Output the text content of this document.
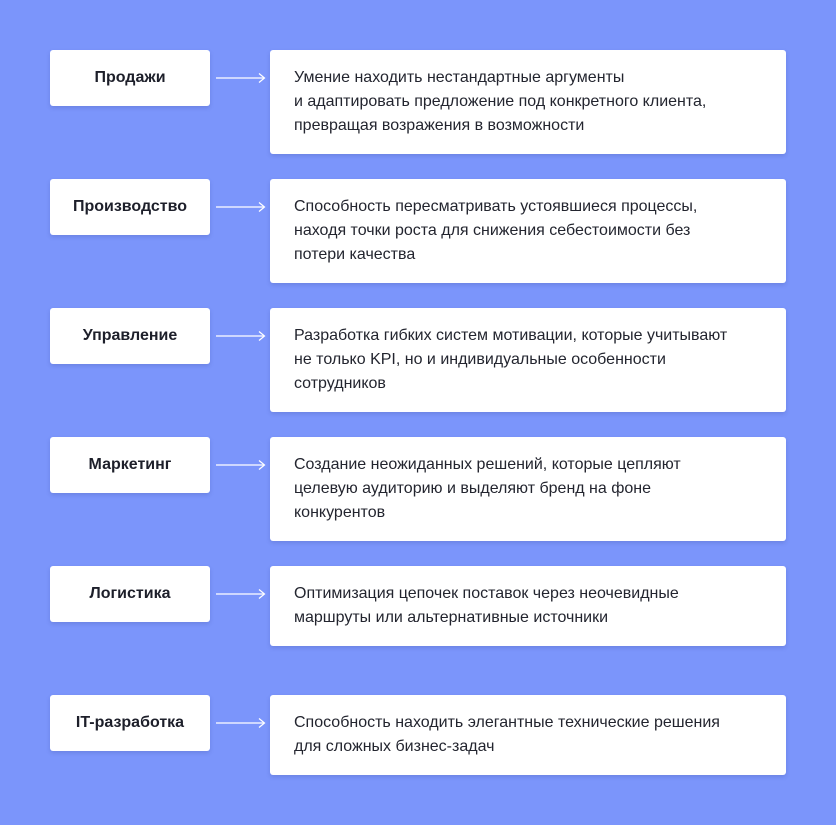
Продажи	Умение находить нестандартные аргументы
и адаптировать предложение под конкретного клиента,
превращая возражения в возможности
Производство	Способность пересматривать устоявшиеся процессы,
находя точки роста для снижения себестоимости без
потери качества
Управление	Разработка гибких систем мотивации, которые учитывают
не только KPI, но и индивидуальные особенности
сотрудников
Маркетинг	Создание неожиданных решений, которые цепляют
целевую аудиторию и выделяют бренд на фоне
конкурентов
Логистика	Оптимизация цепочек поставок через неочевидные
маршруты или альтернативные источники
IT-разработка	Способность находить элегантные технические решения
для сложных бизнес-задач
